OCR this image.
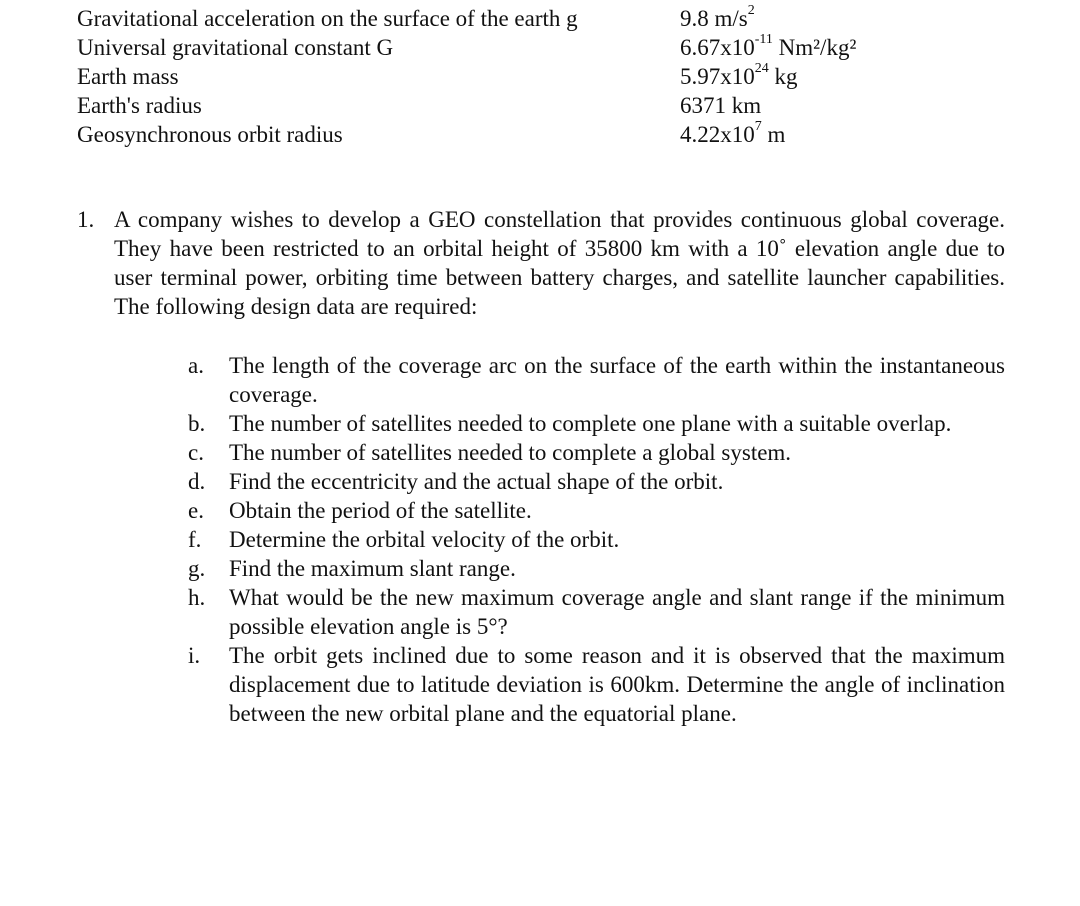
Gravitational acceleration on the surface of the earth g	9.8 $m/s^2$
Universal gravitational constant G	$6.67x10^{-11}$ Nm²/kg²
Earth mass	$5.97x10^{24}$ kg
Earth's radius	6371 km
Geosynchronous orbit radius	$4.22x10^7$ m
1. A company wishes to develop a GEO constellation that provides continuous global coverage. They have been restricted to an orbital height of 35800 km with a 10˚ elevation angle due to user terminal power, orbiting time between battery charges, and satellite launcher capabilities. The following design data are required:
a. The length of the coverage arc on the surface of the earth within the instantaneous coverage.
b. The number of satellites needed to complete one plane with a suitable overlap.
c. The number of satellites needed to complete a global system.
d. Find the eccentricity and the actual shape of the orbit.
e. Obtain the period of the satellite.
f. Determine the orbital velocity of the orbit.
g. Find the maximum slant range.
h. What would be the new maximum coverage angle and slant range if the minimum possible elevation angle is 5°?
i. The orbit gets inclined due to some reason and it is observed that the maximum displacement due to latitude deviation is 600km. Determine the angle of inclination between the new orbital plane and the equatorial plane.
